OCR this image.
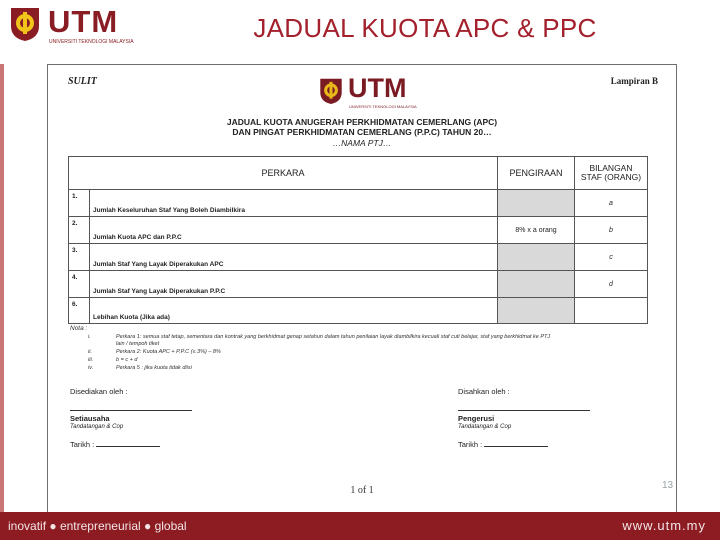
UTM
UNIVERSITI TEKNOLOGI MALAYSIA	JADUAL KUOTA APC & PPC
SULIT	Lampiran B
UTM
UNIVERSITI TEKNOLOGI MALAYSIA
JADUAL KUOTA ANUGERAH PERKHIDMATAN CEMERLANG (APC)
DAN PINGAT PERKHIDMATAN CEMERLANG (P.P.C) TAHUN 20…
…NAMA PTJ…
PERKARA		PENGIRAAN	BILANGAN STAF (ORANG)
1.	Jumlah Keseluruhan Staf Yang Boleh Diambilkira		a
2.	Jumlah Kuota APC dan P.P.C	8% x a orang	b
3.	Jumlah Staf Yang Layak Diperakukan APC		c
4.	Jumlah Staf Yang Layak Diperakukan P.P.C		d
6.	Lebihan Kuota (Jika ada)		
Nota :
i.	Perkara 1: semua staf tetap, sementara dan kontrak yang berkhidmat genap setahun dalam tahun penilaian layak diambilkira kecuali staf cuti belajar, staf yang berkhidmat ke PTJ
lain / tempoh tiket
ii.	Perkara 2: Kuota APC + P.P.C (≤ 3%) – 8%
iii.	b = c + d
iv.	Perkara 5 : jika kuota tidak diisi
Disediakan oleh :
Setiausaha
Tandatangan & Cop
Tarikh :
Disahkan oleh :
Pengerusi
Tandatangan & Cop
Tarikh :
1 of 1	13
inovatif ● entrepreneurial ● global	www.utm.my
